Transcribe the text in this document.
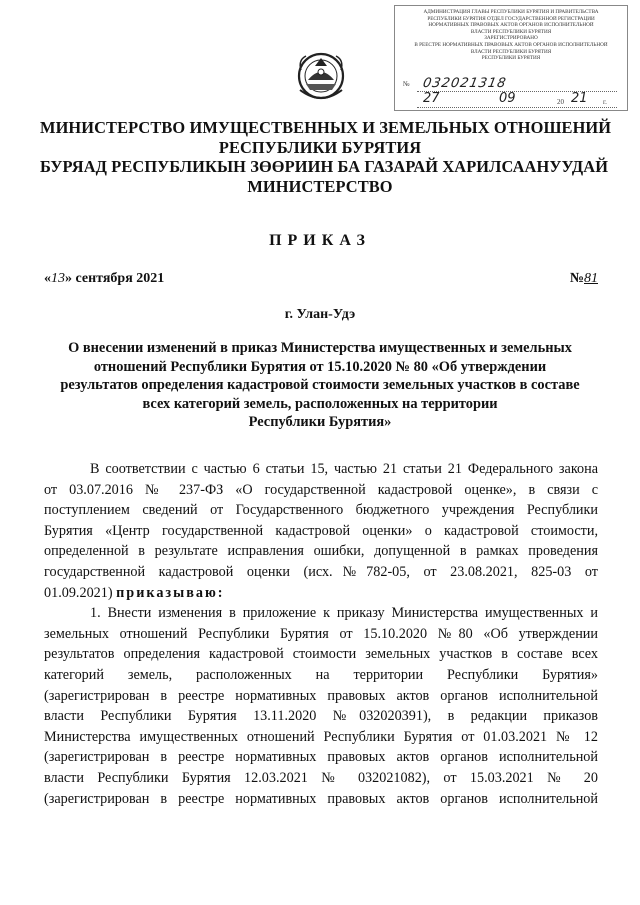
АДМИНИСТРАЦИЯ ГЛАВЫ РЕСПУБЛИКИ БУРЯТИЯ И ПРАВИТЕЛЬСТВА
РЕСПУБЛИКИ БУРЯТИЯ ОТДЕЛ ГОСУДАРСТВЕННОЙ РЕГИСТРАЦИИ
НОРМАТИВНЫХ ПРАВОВЫХ АКТОВ ОРГАНОВ ИСПОЛНИТЕЛЬНОЙ
ВЛАСТИ РЕСПУБЛИКИ БУРЯТИЯ
ЗАРЕГИСТРИРОВАНО
В РЕЕСТРЕ НОРМАТИВНЫХ ПРАВОВЫХ АКТОВ ОРГАНОВ ИСПОЛНИТЕЛЬНОЙ
ВЛАСТИ РЕСПУБЛИКИ БУРЯТИЯ
РЕСПУБЛИКИ БУРЯТИЯ
№ 032021318
27	09	20 21 г.
МИНИСТЕРСТВО ИМУЩЕСТВЕННЫХ И ЗЕМЕЛЬНЫХ ОТНОШЕНИЙ
РЕСПУБЛИКИ БУРЯТИЯ
БУРЯАД РЕСПУБЛИКЫН ЗӨӨРИИН БА ГАЗАРАЙ ХАРИЛСААНУУДАЙ
МИНИСТЕРСТВО
ПРИКАЗ
«13» сентября 2021	№81
г. Улан-Удэ
О внесении изменений в приказ Министерства имущественных и земельных
отношений Республики Бурятия от 15.10.2020 № 80 «Об утверждении
результатов определения кадастровой стоимости земельных участков в составе
всех категорий земель, расположенных на территории
Республики Бурятия»
В соответствии с частью 6 статьи 15, частью 21 статьи 21 Федерального закона
от 03.07.2016 № 237-ФЗ «О государственной кадастровой оценке», в связи с
поступлением сведений от Государственного бюджетного учреждения Республики
Бурятия «Центр государственной кадастровой оценки» о кадастровой стоимости,
определенной в результате исправления ошибки, допущенной в рамках проведения
государственной кадастровой оценки (исх.№782-05, от 23.08.2021, 825-03 от
01.09.2021) приказываю:
1. Внести изменения в приложение к приказу Министерства имущественных и
земельных отношений Республики Бурятия от 15.10.2020 №80 «Об утверждении
результатов определения кадастровой стоимости земельных участков в составе всех
категорий земель, расположенных на территории Республики Бурятия»
(зарегистрирован в реестре нормативных правовых актов органов исполнительной
власти Республики Бурятия 13.11.2020 №032020391), в редакции приказов
Министерства имущественных отношений Республики Бурятия от 01.03.2021 № 12
(зарегистрирован в реестре нормативных правовых актов органов исполнительной
власти Республики Бурятия 12.03.2021 № 032021082), от 15.03.2021 № 20
(зарегистрирован в реестре нормативных правовых актов органов исполнительной
